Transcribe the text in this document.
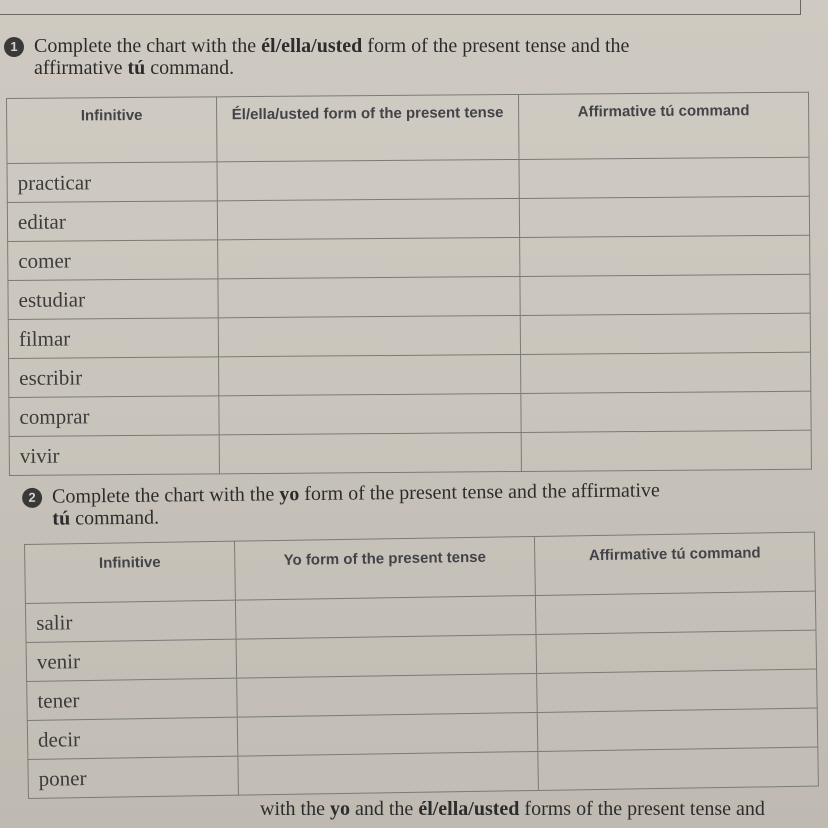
1 Complete the chart with the él/ella/usted form of the present tense and the
affirmative tú command.
Infinitive	Él/ella/usted form of the present tense	Affirmative tú command
practicar		
editar		
comer		
estudiar		
filmar		
escribir		
comprar		
vivir		
2 Complete the chart with the yo form of the present tense and the affirmative
tú command.
Infinitive	Yo form of the present tense	Affirmative tú command
salir		
venir		
tener		
decir		
poner		
with the yo and the él/ella/usted forms of the present tense and
